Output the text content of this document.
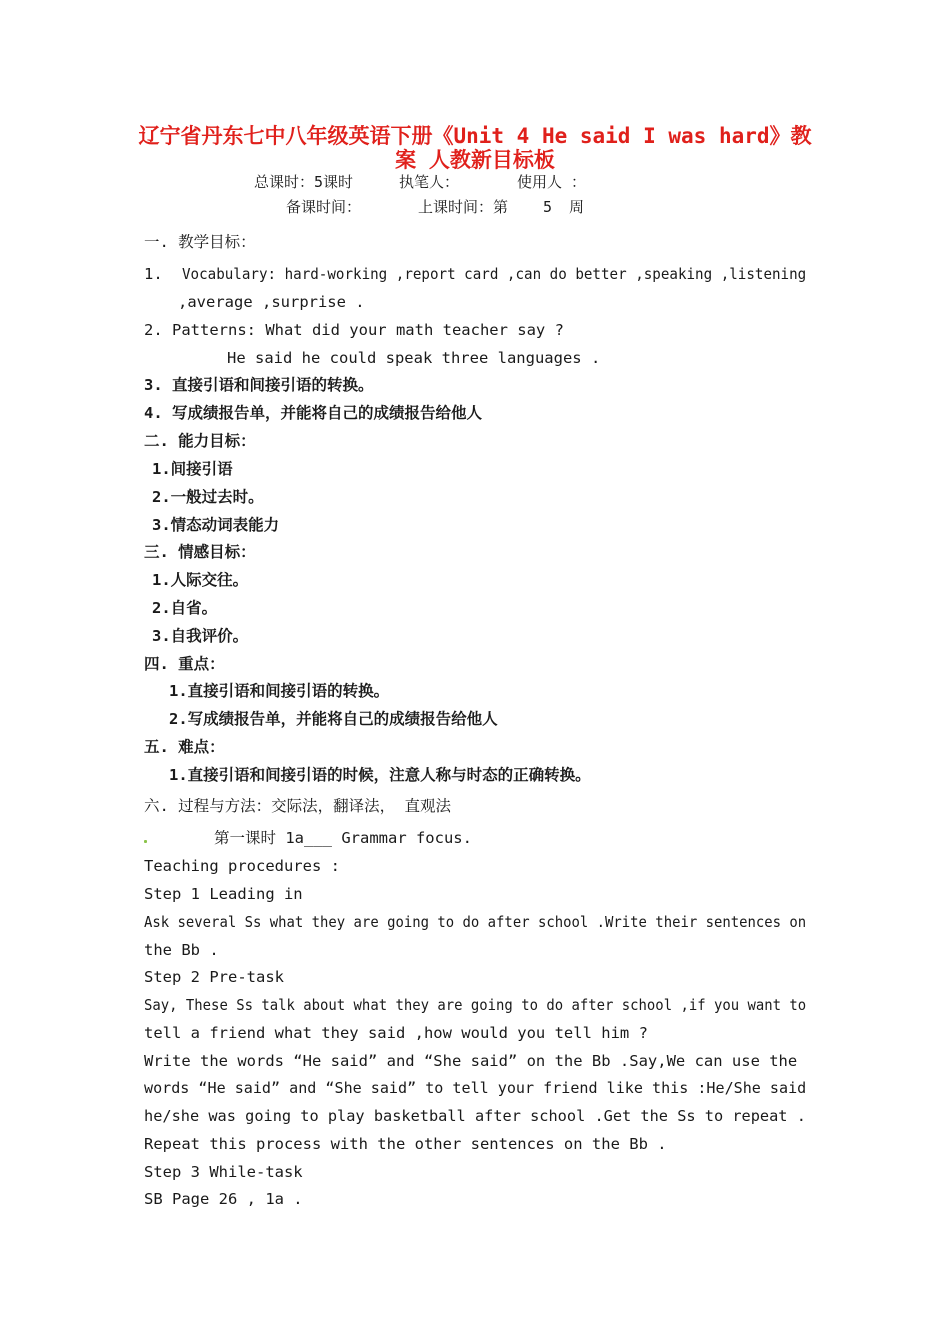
辽宁省丹东七中八年级英语下册《Unit 4 He said I was hard》教
案 人教新目标板
总课时：5课时	执笔人：	使用人 ：
备课时间：	上课时间：第 5 周
一. 教学目标：
1. Vocabulary: hard-working ,report card ,can do better ,speaking ,listening
,average ,surprise .
2. Patterns: What did your math teacher say ?
He said he could speak three languages .
3. 直接引语和间接引语的转换。
4. 写成绩报告单，并能将自己的成绩报告给他人
二. 能力目标：
1.间接引语
2.一般过去时。
3.情态动词表能力
三. 情感目标：
1.人际交往。
2.自省。
3.自我评价。
四. 重点：
1.直接引语和间接引语的转换。
2.写成绩报告单，并能将自己的成绩报告给他人
五. 难点：
1.直接引语和间接引语的时候，注意人称与时态的正确转换。
六. 过程与方法：交际法，翻译法， 直观法
第一课时 1a___ Grammar focus.
Teaching procedures :
Step 1 Leading in
Ask several Ss what they are going to do after school .Write their sentences on
the Bb .
Step 2 Pre-task
Say, These Ss talk about what they are going to do after school ,if you want to
tell a friend what they said ,how would you tell him ?
Write the words “He said” and “She said” on the Bb .Say,We can use the
words “He said” and “She said” to tell your friend like this :He/She said
he/she was going to play basketball after school .Get the Ss to repeat .
Repeat this process with the other sentences on the Bb .
Step 3 While-task
SB Page 26 , 1a .
